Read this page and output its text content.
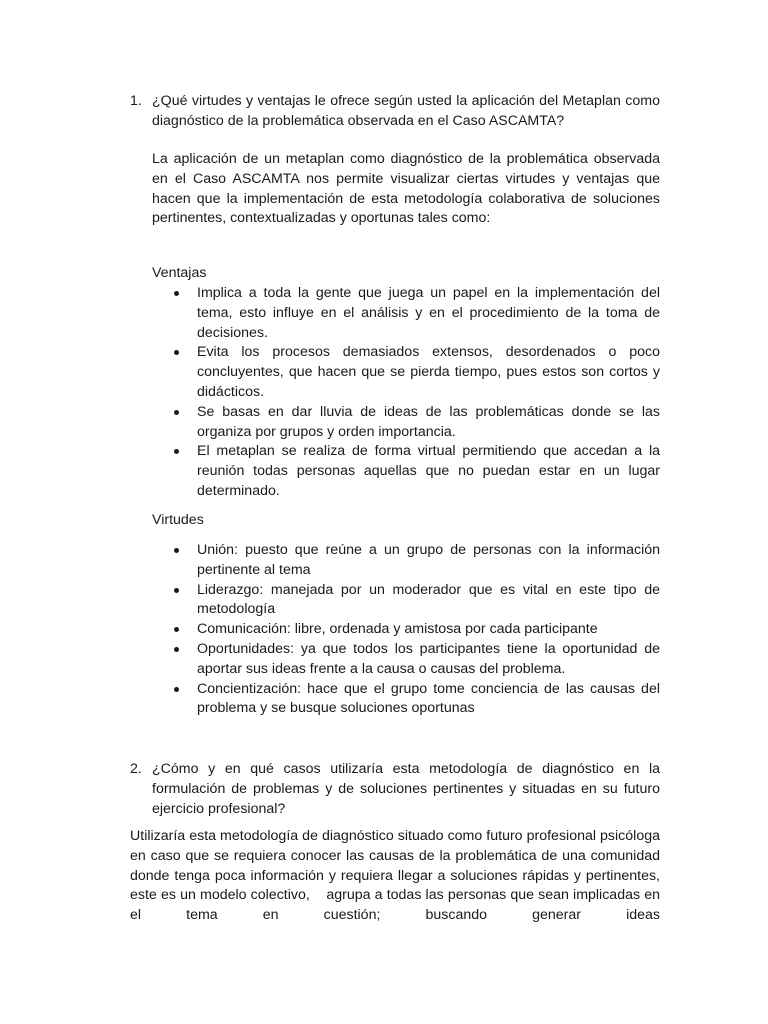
1. ¿Qué virtudes y ventajas le ofrece según usted la aplicación del Metaplan como diagnóstico de la problemática observada en el Caso ASCAMTA?
La aplicación de un metaplan como diagnóstico de la problemática observada en el Caso ASCAMTA nos permite visualizar ciertas virtudes y ventajas que hacen que la implementación de esta metodología colaborativa de soluciones pertinentes, contextualizadas y oportunas tales como:
Ventajas
Implica a toda la gente que juega un papel en la implementación del tema, esto influye en el análisis y en el procedimiento de la toma de decisiones.
Evita los procesos demasiados extensos, desordenados o poco concluyentes, que hacen que se pierda tiempo, pues estos son cortos y didácticos.
Se basas en dar lluvia de ideas de las problemáticas donde se las organiza por grupos y orden importancia.
El metaplan se realiza de forma virtual permitiendo que accedan a la reunión todas personas aquellas que no puedan estar en un lugar determinado.
Virtudes
Unión: puesto que reúne a un grupo de personas con la información pertinente al tema
Liderazgo: manejada por un moderador que es vital en este tipo de metodología
Comunicación: libre, ordenada y amistosa por cada participante
Oportunidades: ya que todos los participantes tiene la oportunidad de aportar sus ideas frente a la causa o causas del problema.
Concientización: hace que el grupo tome conciencia de las causas del problema y se busque soluciones oportunas
2. ¿Cómo y en qué casos utilizaría esta metodología de diagnóstico en la formulación de problemas y de soluciones pertinentes y situadas en su futuro ejercicio profesional?
Utilizaría esta metodología de diagnóstico situado como futuro profesional psicóloga en caso que se requiera conocer las causas de la problemática de una comunidad donde tenga poca información y requiera llegar a soluciones rápidas y pertinentes, este es un modelo colectivo,    agrupa a todas las personas que sean implicadas en el tema en cuestión; buscando generar ideas
